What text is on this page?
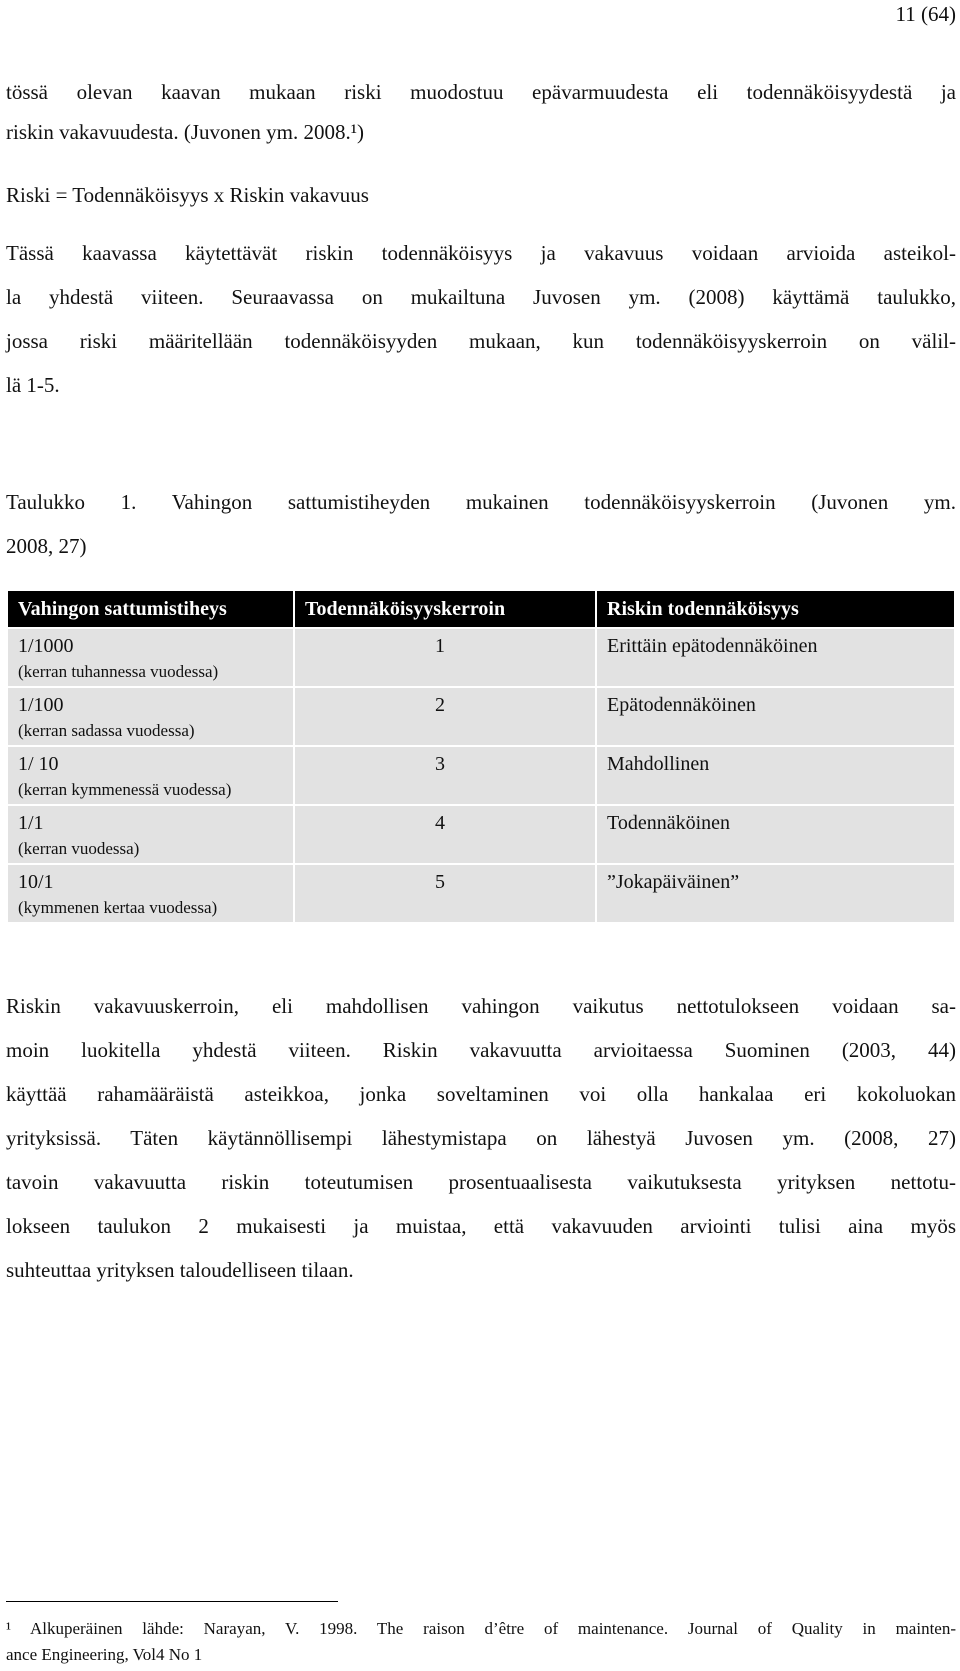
11 (64)

tössä olevan kaavan mukaan riski muodostuu epävarmuudesta eli todennäköisyydestä ja
riskin vakavuudesta. (Juvonen ym. 2008.¹)

Riski = Todennäköisyys x Riskin vakavuus

Tässä kaavassa käytettävät riskin todennäköisyys ja vakavuus voidaan arvioida asteikol-
la yhdestä viiteen. Seuraavassa on mukailtuna Juvosen ym. (2008) käyttämä taulukko,
jossa riski määritellään todennäköisyyden mukaan, kun todennäköisyyskerroin on välil-
lä 1-5.

Taulukko 1. Vahingon sattumistiheyden mukainen todennäköisyyskerroin (Juvonen ym.
2008, 27)

Vahingon sattumistiheys	Todennäköisyyskerroin	Riskin todennäköisyys

1/1000
(kerran tuhannessa vuodessa)	1	Erittäin epätodennäköinen

1/100
(kerran sadassa vuodessa)	2	Epätodennäköinen

1/ 10
(kerran kymmenessä vuodessa)	3	Mahdollinen

1/1
(kerran vuodessa)	4	Todennäköinen

10/1
(kymmenen kertaa vuodessa)	5	”Jokapäiväinen”

Riskin vakavuuskerroin, eli mahdollisen vahingon vaikutus nettotulokseen voidaan sa-
moin luokitella yhdestä viiteen. Riskin vakavuutta arvioitaessa Suominen (2003, 44)
käyttää rahamääräistä asteikkoa, jonka soveltaminen voi olla hankalaa eri kokoluokan
yrityksissä. Täten käytännöllisempi lähestymistapa on lähestyä Juvosen ym. (2008, 27)
tavoin vakavuutta riskin toteutumisen prosentuaalisesta vaikutuksesta yrityksen nettotu-
lokseen taulukon 2 mukaisesti ja muistaa, että vakavuuden arviointi tulisi aina myös
suhteuttaa yrityksen taloudelliseen tilaan.

¹ Alkuperäinen lähde: Narayan, V. 1998. The raison d’être of maintenance. Journal of Quality in mainten-
ance Engineering, Vol4 No 1
